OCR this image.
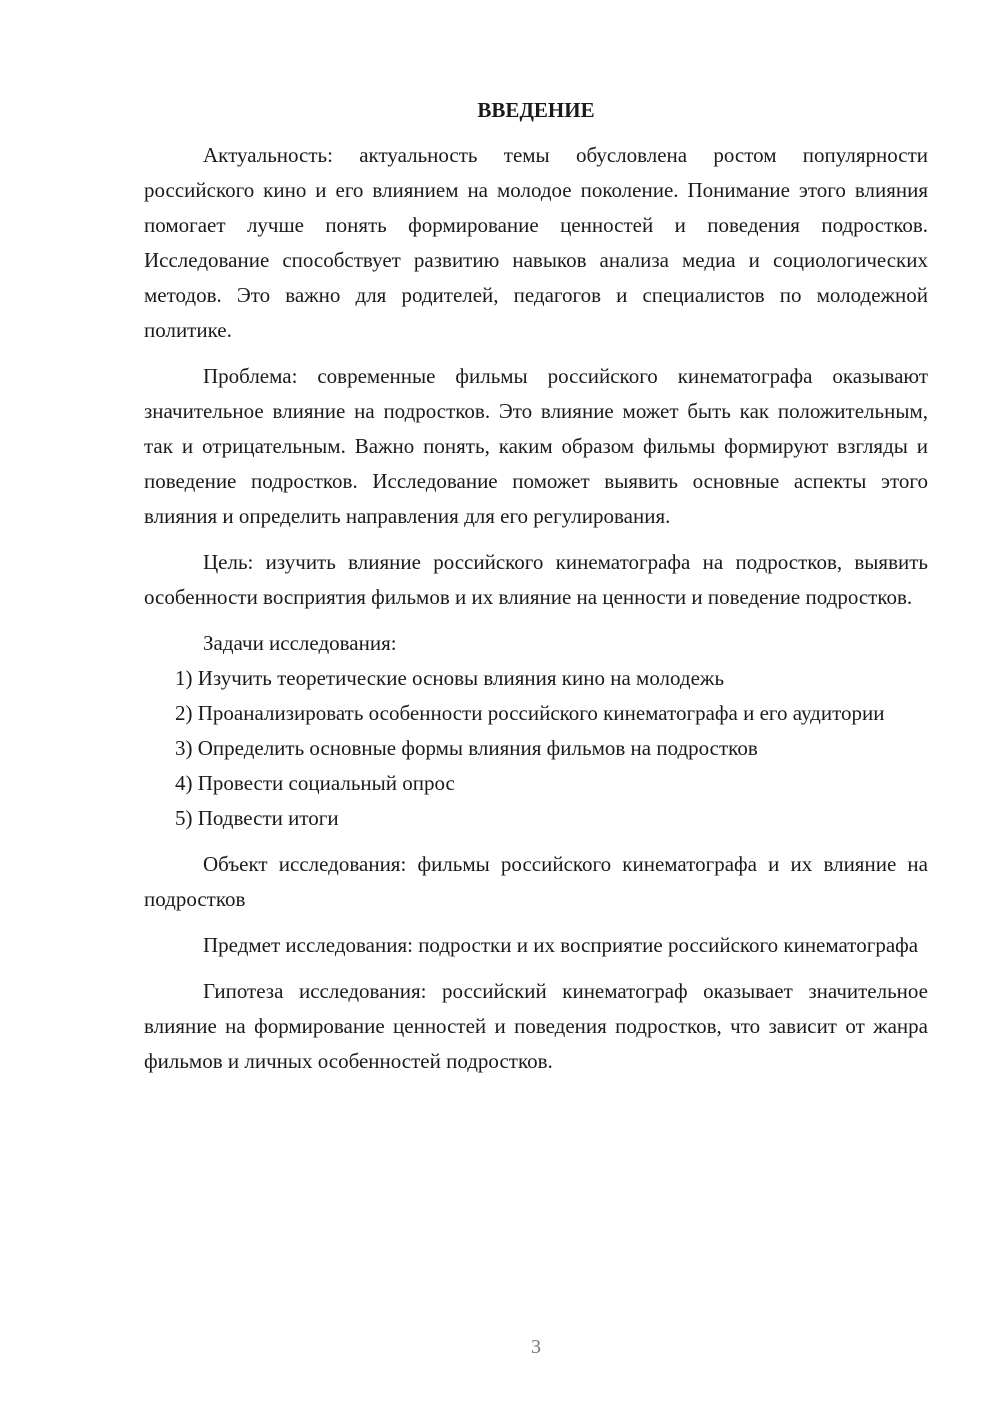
ВВЕДЕНИЕ

Актуальность: актуальность темы обусловлена ростом популярности российского кино и его влиянием на молодое поколение. Понимание этого влияния помогает лучше понять формирование ценностей и поведения подростков. Исследование способствует развитию навыков анализа медиа и социологических методов. Это важно для родителей, педагогов и специалистов по молодежной политике.

Проблема: современные фильмы российского кинематографа оказывают значительное влияние на подростков. Это влияние может быть как положительным, так и отрицательным. Важно понять, каким образом фильмы формируют взгляды и поведение подростков. Исследование поможет выявить основные аспекты этого влияния и определить направления для его регулирования.

Цель: изучить влияние российского кинематографа на подростков, выявить особенности восприятия фильмов и их влияние на ценности и поведение подростков.

Задачи исследования:

1) Изучить теоретические основы влияния кино на молодежь

2) Проанализировать особенности российского кинематографа и его аудитории

3) Определить основные формы влияния фильмов на подростков

4) Провести социальный опрос

5) Подвести итоги

Объект исследования: фильмы российского кинематографа и их влияние на подростков

Предмет исследования: подростки и их восприятие российского кинематографа

Гипотеза исследования: российский кинематограф оказывает значительное влияние на формирование ценностей и поведения подростков, что зависит от жанра фильмов и личных особенностей подростков.

3
